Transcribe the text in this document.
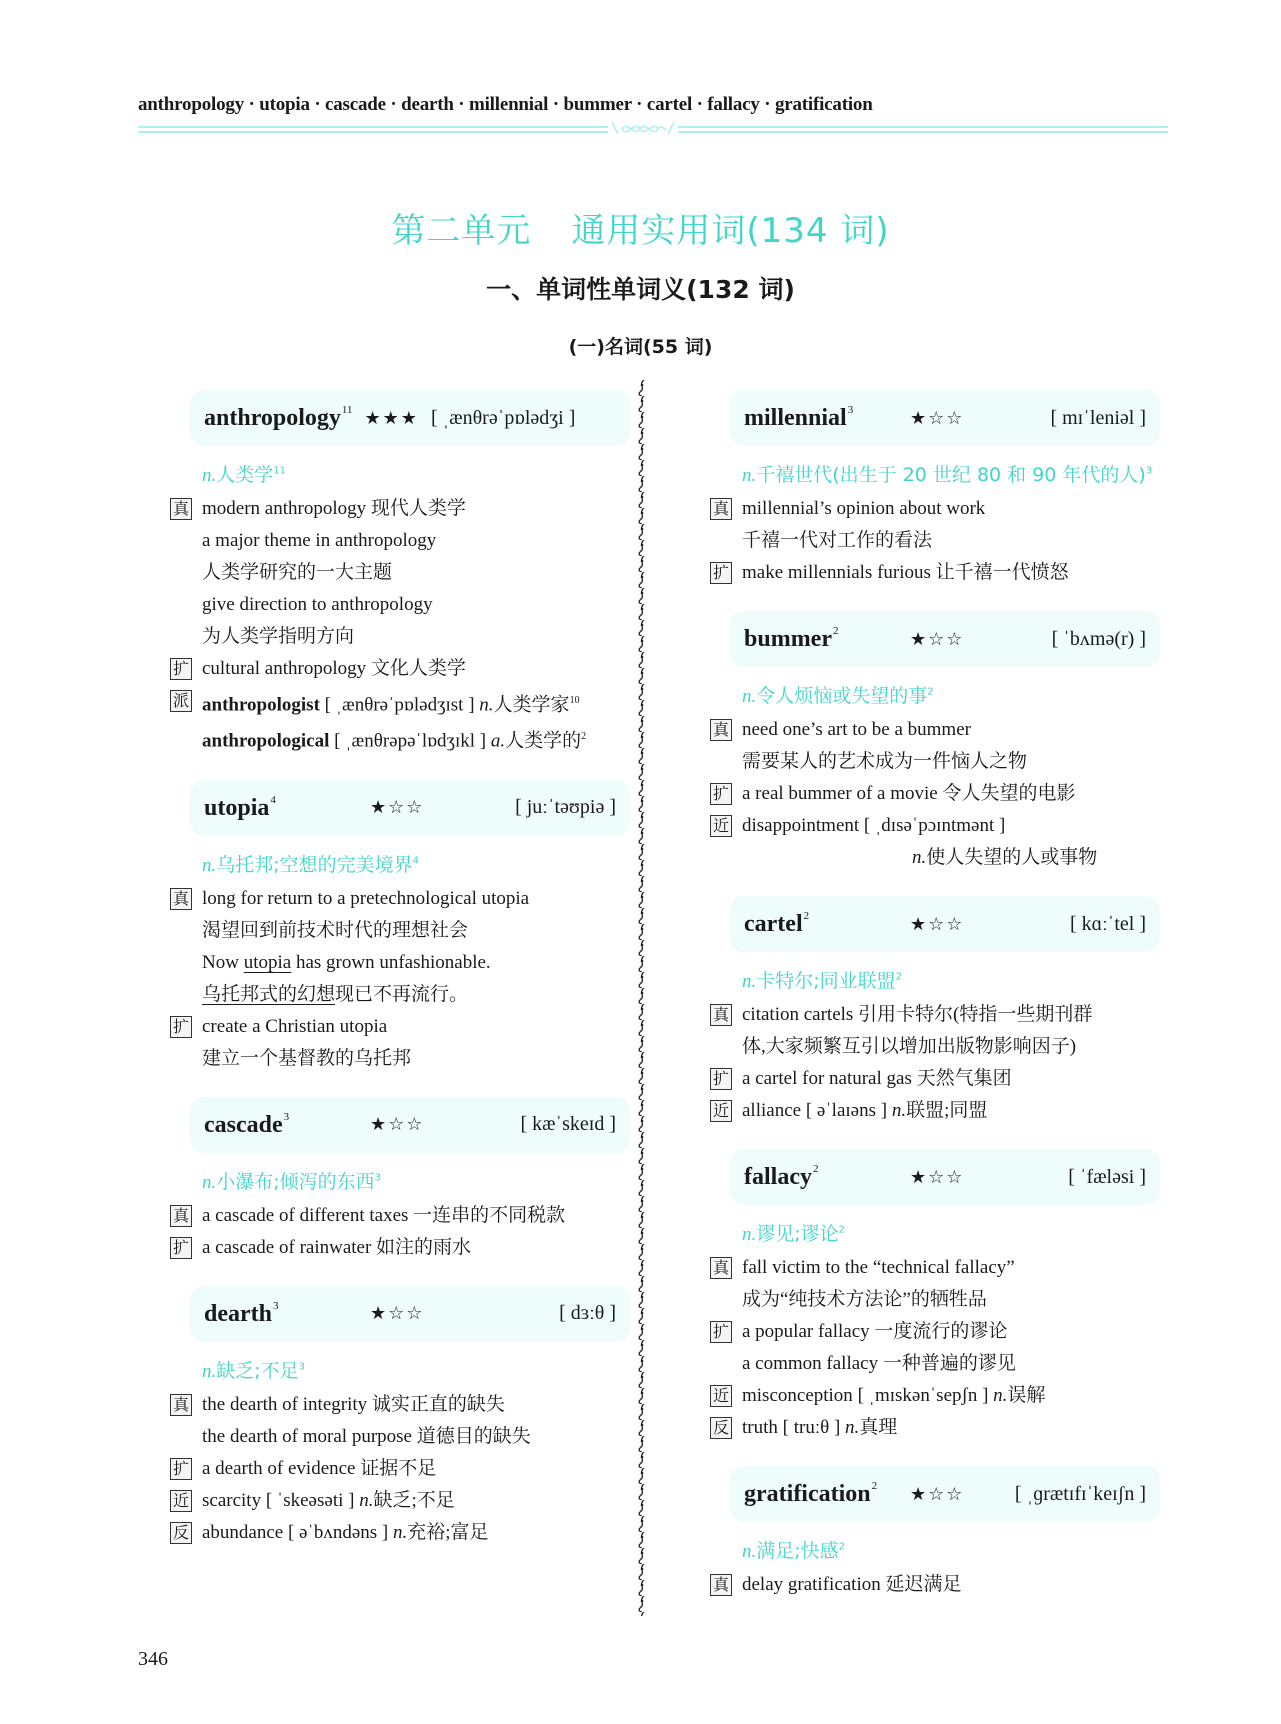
anthropology · utopia · cascade · dearth · millennial · bummer · cartel · fallacy · gratification
第二单元 通用实用词(134 词)
一、单词性单词义(132 词)
(一)名词(55 词)
anthropology$^{11}$ ★★★ [ ˌænθrəˈpɒlədʒi ]
n.人类学$^{11}$
真 modern anthropology 现代人类学
a major theme in anthropology
人类学研究的一大主题
give direction to anthropology
为人类学指明方向
扩 cultural anthropology 文化人类学
派 anthropologist [ ˌænθrəˈpɒlədʒɪst ] n.人类学家$^{10}$
anthropological [ ˌænθrəpəˈlɒdʒɪkl ] a.人类学的$^2$
utopia$^4$	★☆☆	[ juːˈtəʊpiə ]
n.乌托邦;空想的完美境界$^4$
真 long for return to a pretechnological utopia
渴望回到前技术时代的理想社会
Now utopia has grown unfashionable.
乌托邦式的幻想现已不再流行。
扩 create a Christian utopia
建立一个基督教的乌托邦
cascade$^3$	★☆☆	[ kæˈskeɪd ]
n.小瀑布;倾泻的东西$^3$
真 a cascade of different taxes 一连串的不同税款
扩 a cascade of rainwater 如注的雨水
dearth$^3$	★☆☆	[ dɜːθ ]
n.缺乏;不足$^3$
真 the dearth of integrity 诚实正直的缺失
the dearth of moral purpose 道德目的缺失
扩 a dearth of evidence 证据不足
近 scarcity [ ˈskeəsəti ] n.缺乏;不足
反 abundance [ əˈbʌndəns ] n.充裕;富足
millennial$^3$	★☆☆	[ mɪˈleniəl ]
n.千禧世代(出生于 20 世纪 80 和 90 年代的人)$^3$
真 millennial’s opinion about work
千禧一代对工作的看法
扩 make millennials furious 让千禧一代愤怒
bummer$^2$	★☆☆	[ ˈbʌmə(r) ]
n.令人烦恼或失望的事$^2$
真 need one’s art to be a bummer
需要某人的艺术成为一件恼人之物
扩 a real bummer of a movie 令人失望的电影
近 disappointment [ ˌdɪsəˈpɔɪntmənt ]
n.使人失望的人或事物
cartel$^2$	★☆☆	[ kɑːˈtel ]
n.卡特尔;同业联盟$^2$
真 citation cartels 引用卡特尔(特指一些期刊群
体,大家频繁互引以增加出版物影响因子)
扩 a cartel for natural gas 天然气集团
近 alliance [ əˈlaɪəns ] n.联盟;同盟
fallacy$^2$	★☆☆	[ ˈfæləsi ]
n.谬见;谬论$^2$
真 fall victim to the “technical fallacy”
成为“纯技术方法论”的牺牲品
扩 a popular fallacy 一度流行的谬论
a common fallacy 一种普遍的谬见
近 misconception [ ˌmɪskənˈsepʃn ] n.误解
反 truth [ truːθ ] n.真理
gratification$^2$ ★☆☆	[ ˌɡrætɪfɪˈkeɪʃn ]
n.满足;快感$^2$
真 delay gratification 延迟满足
346
